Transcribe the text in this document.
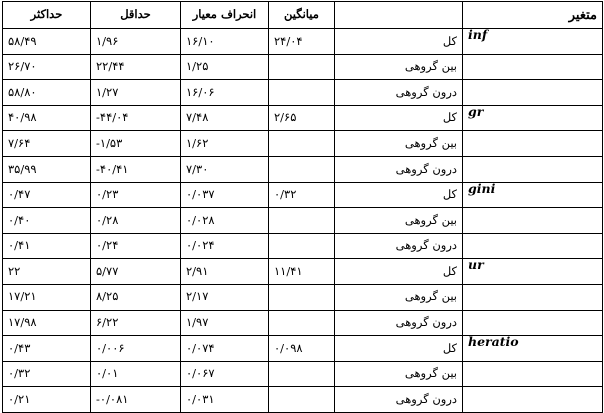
حداکثر	حداقل	انحراف معیار	میانگین		متغیر
۵۸/۴۹	۱/۹۶	۱۶/۱۰	۲۴/۰۴	کل	inf
۲۶/۷۰	۲۲/۴۴	۱/۲۵		بین گروهی	
۵۸/۸۰	۱/۲۷	۱۶/۰۶		درون گروهی	
۴۰/۹۸	-۴۴/۰۴	۷/۴۸	۲/۶۵	کل	gr
۷/۶۴	-۱/۵۳	۱/۶۲		بین گروهی	
۳۵/۹۹	-۴۰/۴۱	۷/۳۰		درون گروهی	
۰/۴۷	۰/۲۳	۰/۰۳۷	۰/۳۲	کل	gini
۰/۴۰	۰/۲۸	۰/۰۲۸		بین گروهی	
۰/۴۱	۰/۲۴	۰/۰۲۴		درون گروهی	
۲۲	۵/۷۷	۲/۹۱	۱۱/۴۱	کل	ur
۱۷/۲۱	۸/۲۵	۲/۱۷		بین گروهی	
۱۷/۹۸	۶/۲۲	۱/۹۷		درون گروهی	
۰/۴۳	۰/۰۰۶	۰/۰۷۴	۰/۰۹۸	کل	heratio
۰/۳۲	۰/۰۱	۰/۰۶۷		بین گروهی	
۰/۲۱	-۰/۰۸۱	۰/۰۳۱		درون گروهی	
